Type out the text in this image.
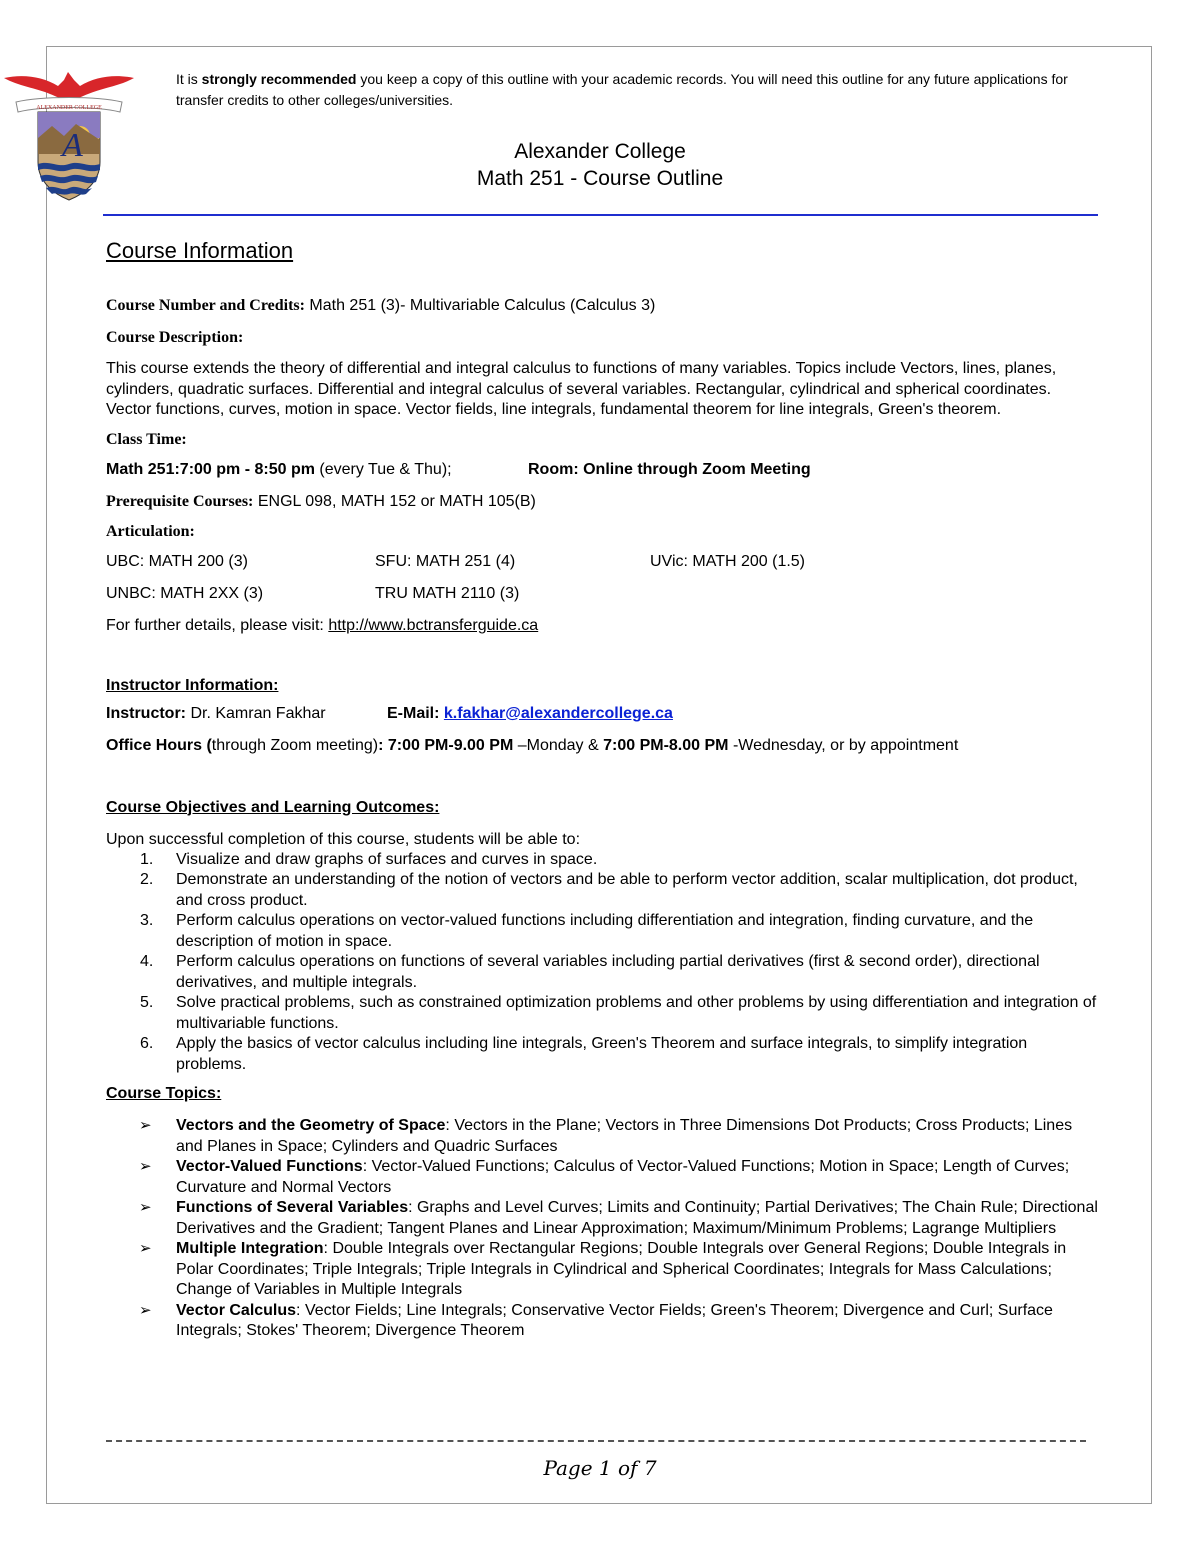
ALEXANDER COLLEGE
A
It is strongly recommended you keep a copy of this outline with your academic records. You will need this outline for any future applications for transfer credits to other colleges/universities.
Alexander College
Math 251 - Course Outline
Course Information
Course Number and Credits: Math 251 (3)- Multivariable Calculus (Calculus 3)
Course Description:
This course extends the theory of differential and integral calculus to functions of many variables. Topics include Vectors, lines, planes, cylinders, quadratic surfaces. Differential and integral calculus of several variables. Rectangular, cylindrical and spherical coordinates. Vector functions, curves, motion in space. Vector fields, line integrals, fundamental theorem for line integrals, Green's theorem.
Class Time:
Math 251:7:00 pm - 8:50 pm (every Tue & Thu);	Room: Online through Zoom Meeting
Prerequisite Courses: ENGL 098, MATH 152 or MATH 105(B)
Articulation:
UBC: MATH 200 (3)	SFU: MATH 251 (4)	UVic: MATH 200 (1.5)
UNBC: MATH 2XX (3)	TRU MATH 2110 (3)
For further details, please visit: http://www.bctransferguide.ca
Instructor Information:
Instructor: Dr. Kamran Fakhar	E-Mail: k.fakhar@alexandercollege.ca
Office Hours (through Zoom meeting): 7:00 PM-9.00 PM –Monday & 7:00 PM-8.00 PM -Wednesday, or by appointment
Course Objectives and Learning Outcomes:
Upon successful completion of this course, students will be able to:
1. Visualize and draw graphs of surfaces and curves in space.
2. Demonstrate an understanding of the notion of vectors and be able to perform vector addition, scalar multiplication, dot product, and cross product.
3. Perform calculus operations on vector-valued functions including differentiation and integration, finding curvature, and the description of motion in space.
4. Perform calculus operations on functions of several variables including partial derivatives (first & second order), directional derivatives, and multiple integrals.
5. Solve practical problems, such as constrained optimization problems and other problems by using differentiation and integration of multivariable functions.
6. Apply the basics of vector calculus including line integrals, Green's Theorem and surface integrals, to simplify integration problems.
Course Topics:
➢ Vectors and the Geometry of Space: Vectors in the Plane; Vectors in Three Dimensions Dot Products; Cross Products; Lines and Planes in Space; Cylinders and Quadric Surfaces
➢ Vector-Valued Functions: Vector-Valued Functions; Calculus of Vector-Valued Functions; Motion in Space; Length of Curves; Curvature and Normal Vectors
➢ Functions of Several Variables: Graphs and Level Curves; Limits and Continuity; Partial Derivatives; The Chain Rule; Directional Derivatives and the Gradient; Tangent Planes and Linear Approximation; Maximum/Minimum Problems; Lagrange Multipliers
➢ Multiple Integration: Double Integrals over Rectangular Regions; Double Integrals over General Regions; Double Integrals in Polar Coordinates; Triple Integrals; Triple Integrals in Cylindrical and Spherical Coordinates; Integrals for Mass Calculations; Change of Variables in Multiple Integrals
➢ Vector Calculus: Vector Fields; Line Integrals; Conservative Vector Fields; Green's Theorem; Divergence and Curl; Surface Integrals; Stokes' Theorem; Divergence Theorem
Page 1 of 7
